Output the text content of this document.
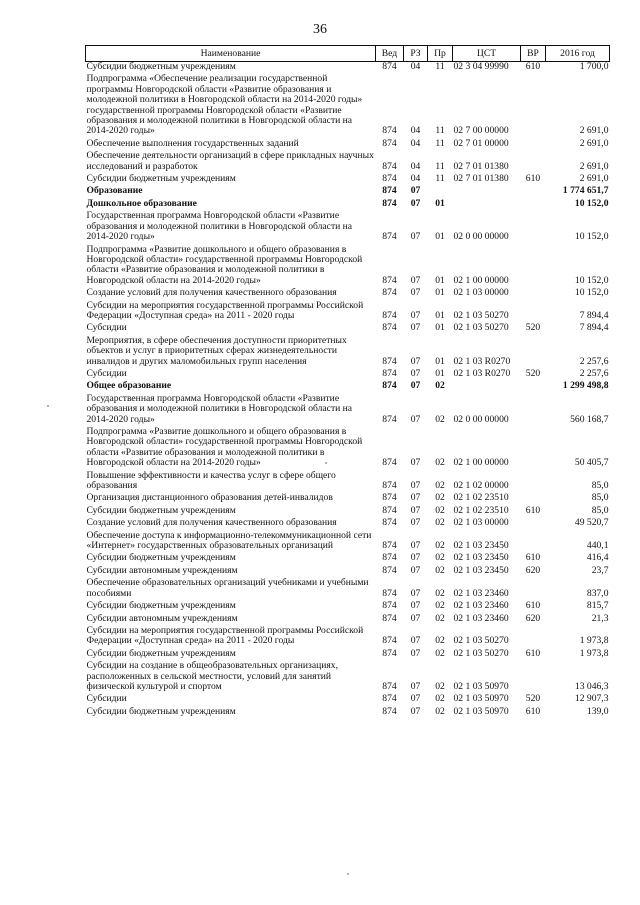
36
Наименование	Вед	РЗ	Пр	ЦСТ	ВР	2016 год
Субсидии бюджетным учреждениям	874	04	11	02 3 04 99990	610	1 700,0
Подпрограмма «Обеспечение реализации государственной программы Новгородской области «Развитие образования и молодежной политики в Новгородской области на 2014-2020 годы» государственной программы Новгородской области «Развитие образования и молодежной политики в Новгородской области на 2014-2020 годы»	874	04	11	02 7 00 00000		2 691,0
Обеспечение выполнения государственных заданий	874	04	11	02 7 01 00000		2 691,0
Обеспечение деятельности организаций в сфере прикладных научных исследований и разработок	874	04	11	02 7 01 01380		2 691,0
Субсидии бюджетным учреждениям	874	04	11	02 7 01 01380	610	2 691,0
Образование	874	07				1 774 651,7
Дошкольное образование	874	07	01			10 152,0
Государственная программа Новгородской области «Развитие образования и молодежной политики в Новгородской области на 2014-2020 годы»	874	07	01	02 0 00 00000		10 152,0
Подпрограмма «Развитие дошкольного и общего образования в Новгородской области» государственной программы Новгородской области «Развитие образования и молодежной политики в Новгородской области на 2014-2020 годы»	874	07	01	02 1 00 00000		10 152,0
Создание условий для получения качественного образования	874	07	01	02 1 03 00000		10 152,0
Субсидии на мероприятия государственной программы Российской Федерации «Доступная среда» на 2011 - 2020 годы	874	07	01	02 1 03 50270		7 894,4
Субсидии	874	07	01	02 1 03 50270	520	7 894,4
Мероприятия, в сфере обеспечения доступности приоритетных объектов и услуг в приоритетных сферах жизнедеятельности инвалидов и других маломобильных групп населения	874	07	01	02 1 03 R0270		2 257,6
Субсидии	874	07	01	02 1 03 R0270	520	2 257,6
Общее образование	874	07	02			1 299 498,8
Государственная программа Новгородской области «Развитие образования и молодежной политики в Новгородской области на 2014-2020 годы»	874	07	02	02 0 00 00000		560 168,7
Подпрограмма «Развитие дошкольного и общего образования в Новгородской области» государственной программы Новгородской области «Развитие образования и молодежной политики в Новгородской области на 2014-2020 годы»	874	07	02	02 1 00 00000		50 405,7
Повышение эффективности и качества услуг в сфере общего образования	874	07	02	02 1 02 00000		85,0
Организация дистанционного образования детей-инвалидов	874	07	02	02 1 02 23510		85,0
Субсидии бюджетным учреждениям	874	07	02	02 1 02 23510	610	85,0
Создание условий для получения качественного образования	874	07	02	02 1 03 00000		49 520,7
Обеспечение доступа к информационно-телекоммуникационной сети «Интернет» государственных образовательных организаций	874	07	02	02 1 03 23450		440,1
Субсидии бюджетным учреждениям	874	07	02	02 1 03 23450	610	416,4
Субсидии автономным учреждениям	874	07	02	02 1 03 23450	620	23,7
Обеспечение образовательных организаций учебниками и учебными пособиями	874	07	02	02 1 03 23460		837,0
Субсидии бюджетным учреждениям	874	07	02	02 1 03 23460	610	815,7
Субсидии автономным учреждениям	874	07	02	02 1 03 23460	620	21,3
Субсидии на мероприятия государственной программы Российской Федерации «Доступная среда» на 2011 - 2020 годы	874	07	02	02 1 03 50270		1 973,8
Субсидии бюджетным учреждениям	874	07	02	02 1 03 50270	610	1 973,8
Субсидии на создание в общеобразовательных организациях, расположенных в сельской местности, условий для занятий физической культурой и спортом	874	07	02	02 1 03 50970		13 046,3
Субсидии	874	07	02	02 1 03 50970	520	12 907,3
Субсидии бюджетным учреждениям	874	07	02	02 1 03 50970	610	139,0
